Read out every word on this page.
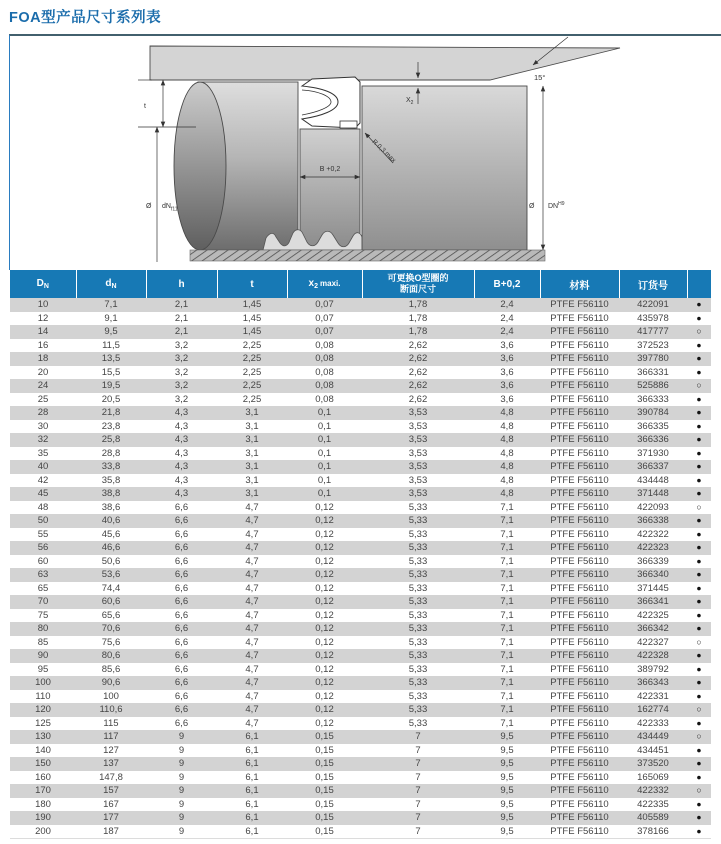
FOA型产品尺寸系列表
t
Ø $dN_{f11}$
$X_2$
B +0,2
R 0,3 max
15°
Ø $DN^{H9}$
$D_N$	$d_N$	h	t	$x_2$ maxi.	可更换O型圈的
断面尺寸	B+0,2	材料	订货号	
10	7,1	2,1	1,45	0,07	1,78	2,4	PTFE F56110	422091	●
12	9,1	2,1	1,45	0,07	1,78	2,4	PTFE F56110	435978	●
14	9,5	2,1	1,45	0,07	1,78	2,4	PTFE F56110	417777	○
16	11,5	3,2	2,25	0,08	2,62	3,6	PTFE F56110	372523	●
18	13,5	3,2	2,25	0,08	2,62	3,6	PTFE F56110	397780	●
20	15,5	3,2	2,25	0,08	2,62	3,6	PTFE F56110	366331	●
24	19,5	3,2	2,25	0,08	2,62	3,6	PTFE F56110	525886	○
25	20,5	3,2	2,25	0,08	2,62	3,6	PTFE F56110	366333	●
28	21,8	4,3	3,1	0,1	3,53	4,8	PTFE F56110	390784	●
30	23,8	4,3	3,1	0,1	3,53	4,8	PTFE F56110	366335	●
32	25,8	4,3	3,1	0,1	3,53	4,8	PTFE F56110	366336	●
35	28,8	4,3	3,1	0,1	3,53	4,8	PTFE F56110	371930	●
40	33,8	4,3	3,1	0,1	3,53	4,8	PTFE F56110	366337	●
42	35,8	4,3	3,1	0,1	3,53	4,8	PTFE F56110	434448	●
45	38,8	4,3	3,1	0,1	3,53	4,8	PTFE F56110	371448	●
48	38,6	6,6	4,7	0,12	5,33	7,1	PTFE F56110	422093	○
50	40,6	6,6	4,7	0,12	5,33	7,1	PTFE F56110	366338	●
55	45,6	6,6	4,7	0,12	5,33	7,1	PTFE F56110	422322	●
56	46,6	6,6	4,7	0,12	5,33	7,1	PTFE F56110	422323	●
60	50,6	6,6	4,7	0,12	5,33	7,1	PTFE F56110	366339	●
63	53,6	6,6	4,7	0,12	5,33	7,1	PTFE F56110	366340	●
65	74,4	6,6	4,7	0,12	5,33	7,1	PTFE F56110	371445	●
70	60,6	6,6	4,7	0,12	5,33	7,1	PTFE F56110	366341	●
75	65,6	6,6	4,7	0,12	5,33	7,1	PTFE F56110	422325	●
80	70,6	6,6	4,7	0,12	5,33	7,1	PTFE F56110	366342	●
85	75,6	6,6	4,7	0,12	5,33	7,1	PTFE F56110	422327	○
90	80,6	6,6	4,7	0,12	5,33	7,1	PTFE F56110	422328	●
95	85,6	6,6	4,7	0,12	5,33	7,1	PTFE F56110	389792	●
100	90,6	6,6	4,7	0,12	5,33	7,1	PTFE F56110	366343	●
110	100	6,6	4,7	0,12	5,33	7,1	PTFE F56110	422331	●
120	110,6	6,6	4,7	0,12	5,33	7,1	PTFE F56110	162774	○
125	115	6,6	4,7	0,12	5,33	7,1	PTFE F56110	422333	●
130	117	9	6,1	0,15	7	9,5	PTFE F56110	434449	○
140	127	9	6,1	0,15	7	9,5	PTFE F56110	434451	●
150	137	9	6,1	0,15	7	9,5	PTFE F56110	373520	●
160	147,8	9	6,1	0,15	7	9,5	PTFE F56110	165069	●
170	157	9	6,1	0,15	7	9,5	PTFE F56110	422332	○
180	167	9	6,1	0,15	7	9,5	PTFE F56110	422335	●
190	177	9	6,1	0,15	7	9,5	PTFE F56110	405589	●
200	187	9	6,1	0,15	7	9,5	PTFE F56110	378166	●
